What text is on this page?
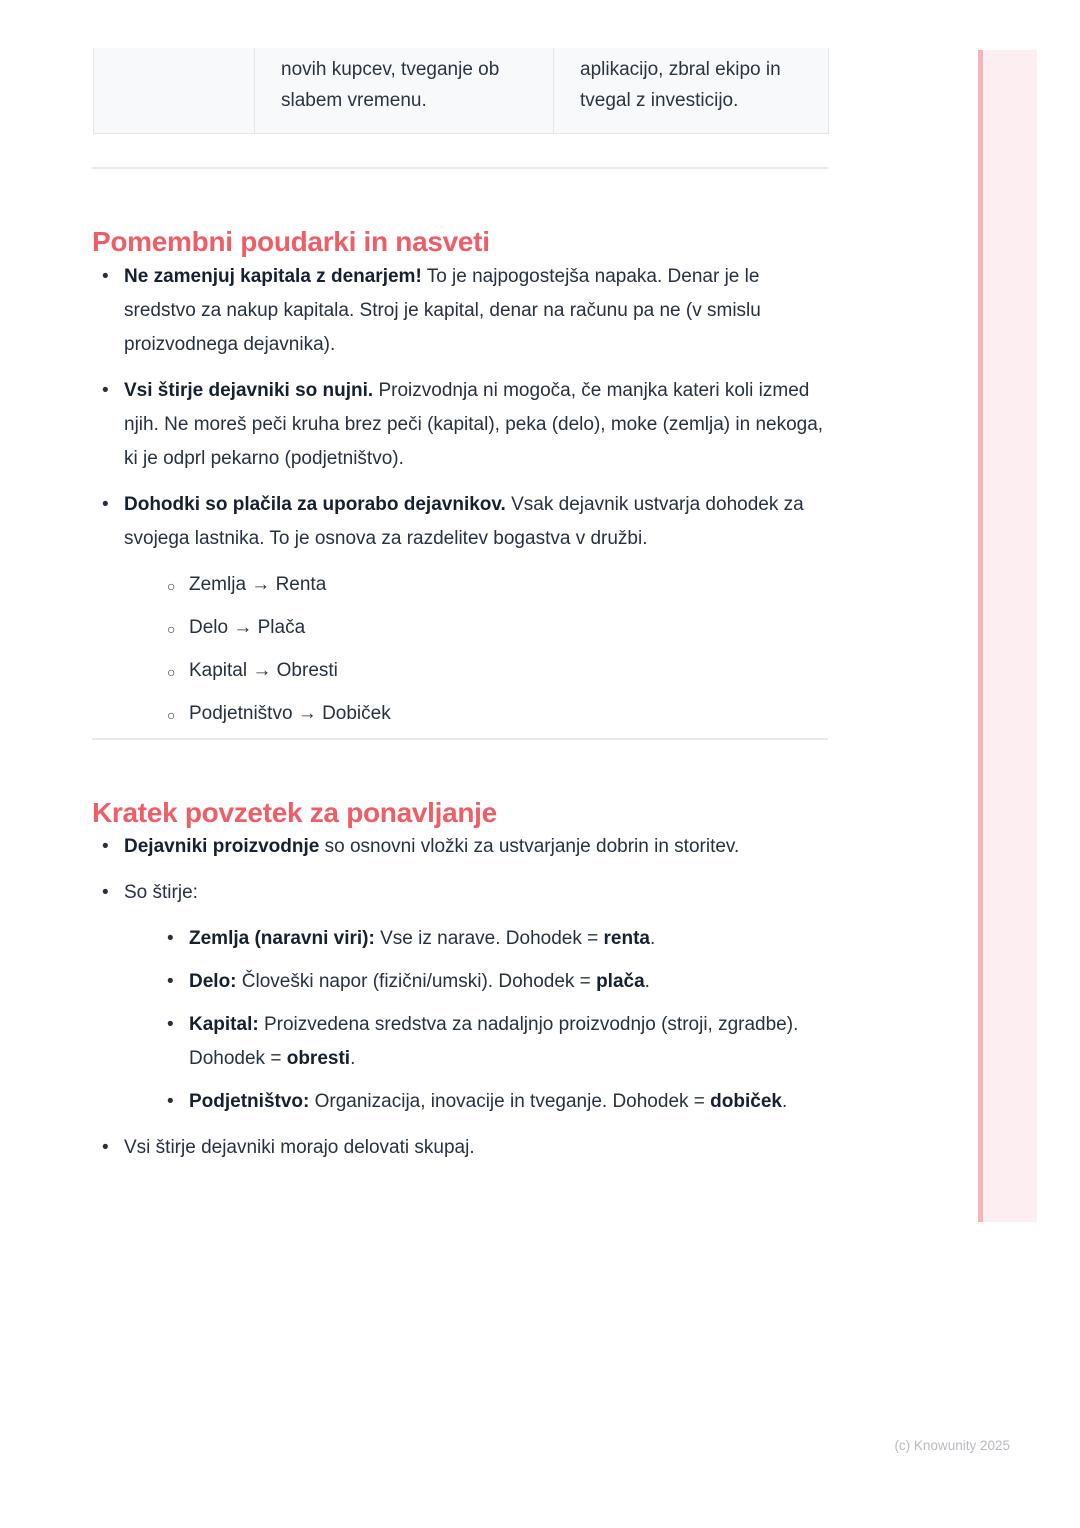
novih kupcev, tveganje ob slabem vremenu.
aplikacijo, zbral ekipo in tvegal z investicijo.
Pomembni poudarki in nasveti
• Ne zamenjuj kapitala z denarjem! To je najpogostejša napaka. Denar je le sredstvo za nakup kapitala. Stroj je kapital, denar na računu pa ne (v smislu proizvodnega dejavnika).
• Vsi štirje dejavniki so nujni. Proizvodnja ni mogoča, če manjka kateri koli izmed njih. Ne moreš peči kruha brez peči (kapital), peka (delo), moke (zemlja) in nekoga, ki je odprl pekarno (podjetništvo).
• Dohodki so plačila za uporabo dejavnikov. Vsak dejavnik ustvarja dohodek za svojega lastnika. To je osnova za razdelitev bogastva v družbi.
○ Zemlja → Renta
○ Delo → Plača
○ Kapital → Obresti
○ Podjetništvo → Dobiček
Kratek povzetek za ponavljanje
• Dejavniki proizvodnje so osnovni vložki za ustvarjanje dobrin in storitev.
• So štirje:
• Zemlja (naravni viri): Vse iz narave. Dohodek = renta.
• Delo: Človeški napor (fizični/umski). Dohodek = plača.
• Kapital: Proizvedena sredstva za nadaljnjo proizvodnjo (stroji, zgradbe). Dohodek = obresti.
• Podjetništvo: Organizacija, inovacije in tveganje. Dohodek = dobiček.
• Vsi štirje dejavniki morajo delovati skupaj.
(c) Knowunity 2025
